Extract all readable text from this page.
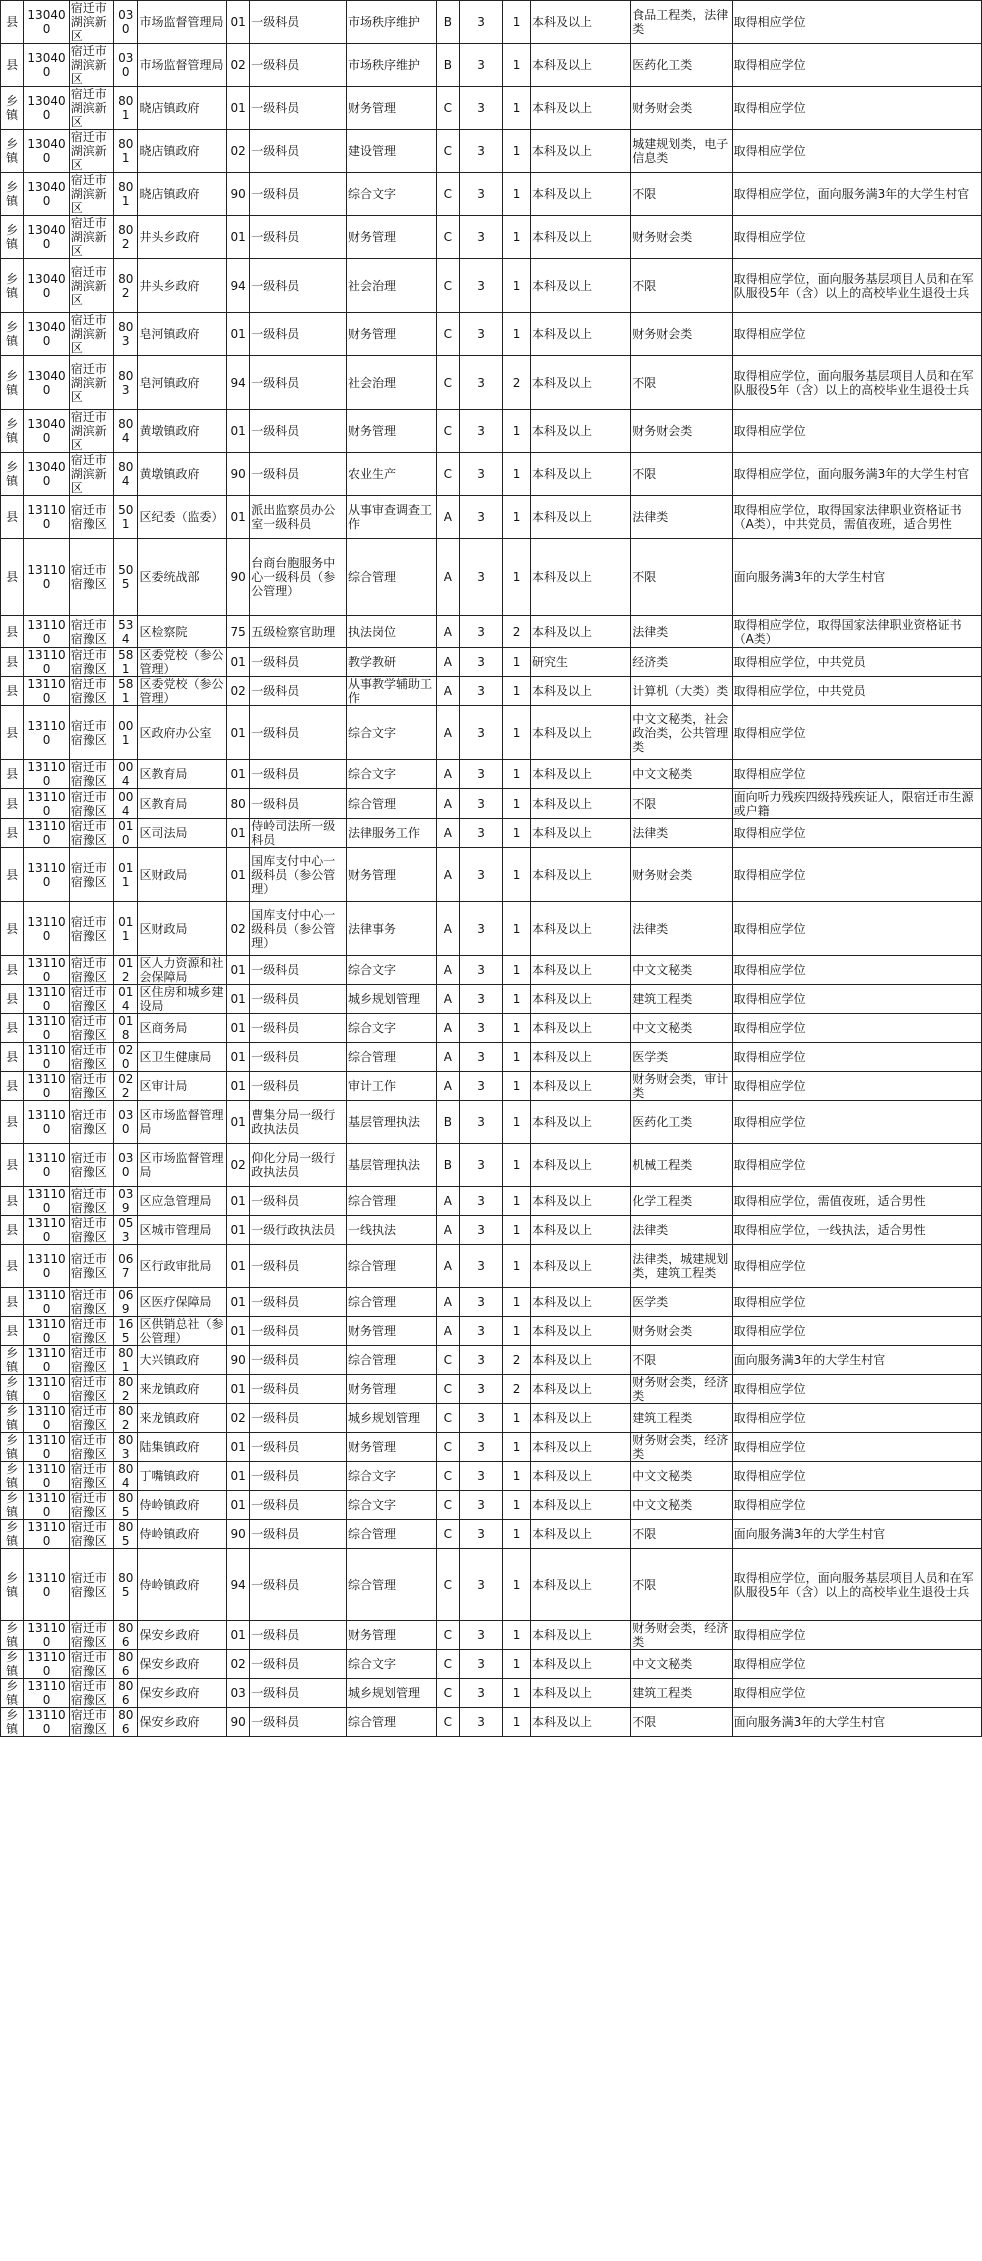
县	130400	宿迁市湖滨新区	030	市场监督管理局	01	一级科员	市场秩序维护	B	3	1	本科及以上	食品工程类，法律类	取得相应学位
县	130400	宿迁市湖滨新区	030	市场监督管理局	02	一级科员	市场秩序维护	B	3	1	本科及以上	医药化工类	取得相应学位
乡镇	130400	宿迁市湖滨新区	801	晓店镇政府	01	一级科员	财务管理	C	3	1	本科及以上	财务财会类	取得相应学位
乡镇	130400	宿迁市湖滨新区	801	晓店镇政府	02	一级科员	建设管理	C	3	1	本科及以上	城建规划类，电子信息类	取得相应学位
乡镇	130400	宿迁市湖滨新区	801	晓店镇政府	90	一级科员	综合文字	C	3	1	本科及以上	不限	取得相应学位，面向服务满3年的大学生村官
乡镇	130400	宿迁市湖滨新区	802	井头乡政府	01	一级科员	财务管理	C	3	1	本科及以上	财务财会类	取得相应学位
乡镇	130400	宿迁市湖滨新区	802	井头乡政府	94	一级科员	社会治理	C	3	1	本科及以上	不限	取得相应学位，面向服务基层项目人员和在军队服役5年（含）以上的高校毕业生退役士兵
乡镇	130400	宿迁市湖滨新区	803	皂河镇政府	01	一级科员	财务管理	C	3	1	本科及以上	财务财会类	取得相应学位
乡镇	130400	宿迁市湖滨新区	803	皂河镇政府	94	一级科员	社会治理	C	3	2	本科及以上	不限	取得相应学位，面向服务基层项目人员和在军队服役5年（含）以上的高校毕业生退役士兵
乡镇	130400	宿迁市湖滨新区	804	黄墩镇政府	01	一级科员	财务管理	C	3	1	本科及以上	财务财会类	取得相应学位
乡镇	130400	宿迁市湖滨新区	804	黄墩镇政府	90	一级科员	农业生产	C	3	1	本科及以上	不限	取得相应学位，面向服务满3年的大学生村官
县	131100	宿迁市宿豫区	501	区纪委（监委）	01	派出监察员办公室一级科员	从事审查调查工作	A	3	1	本科及以上	法律类	取得相应学位，取得国家法律职业资格证书（A类），中共党员，需值夜班，适合男性
县	131100	宿迁市宿豫区	505	区委统战部	90	台商台胞服务中心一级科员（参公管理）	综合管理	A	3	1	本科及以上	不限	面向服务满3年的大学生村官
县	131100	宿迁市宿豫区	534	区检察院	75	五级检察官助理	执法岗位	A	3	2	本科及以上	法律类	取得相应学位，取得国家法律职业资格证书（A类）
县	131100	宿迁市宿豫区	581	区委党校（参公管理）	01	一级科员	教学教研	A	3	1	研究生	经济类	取得相应学位，中共党员
县	131100	宿迁市宿豫区	581	区委党校（参公管理）	02	一级科员	从事教学辅助工作	A	3	1	本科及以上	计算机（大类）类	取得相应学位，中共党员
县	131100	宿迁市宿豫区	001	区政府办公室	01	一级科员	综合文字	A	3	1	本科及以上	中文文秘类，社会政治类，公共管理类	取得相应学位
县	131100	宿迁市宿豫区	004	区教育局	01	一级科员	综合文字	A	3	1	本科及以上	中文文秘类	取得相应学位
县	131100	宿迁市宿豫区	004	区教育局	80	一级科员	综合管理	A	3	1	本科及以上	不限	面向听力残疾四级持残疾证人，限宿迁市生源或户籍
县	131100	宿迁市宿豫区	010	区司法局	01	侍岭司法所一级科员	法律服务工作	A	3	1	本科及以上	法律类	取得相应学位
县	131100	宿迁市宿豫区	011	区财政局	01	国库支付中心一级科员（参公管理）	财务管理	A	3	1	本科及以上	财务财会类	取得相应学位
县	131100	宿迁市宿豫区	011	区财政局	02	国库支付中心一级科员（参公管理）	法律事务	A	3	1	本科及以上	法律类	取得相应学位
县	131100	宿迁市宿豫区	012	区人力资源和社会保障局	01	一级科员	综合文字	A	3	1	本科及以上	中文文秘类	取得相应学位
县	131100	宿迁市宿豫区	014	区住房和城乡建设局	01	一级科员	城乡规划管理	A	3	1	本科及以上	建筑工程类	取得相应学位
县	131100	宿迁市宿豫区	018	区商务局	01	一级科员	综合文字	A	3	1	本科及以上	中文文秘类	取得相应学位
县	131100	宿迁市宿豫区	020	区卫生健康局	01	一级科员	综合管理	A	3	1	本科及以上	医学类	取得相应学位
县	131100	宿迁市宿豫区	022	区审计局	01	一级科员	审计工作	A	3	1	本科及以上	财务财会类，审计类	取得相应学位
县	131100	宿迁市宿豫区	030	区市场监督管理局	01	曹集分局一级行政执法员	基层管理执法	B	3	1	本科及以上	医药化工类	取得相应学位
县	131100	宿迁市宿豫区	030	区市场监督管理局	02	仰化分局一级行政执法员	基层管理执法	B	3	1	本科及以上	机械工程类	取得相应学位
县	131100	宿迁市宿豫区	039	区应急管理局	01	一级科员	综合管理	A	3	1	本科及以上	化学工程类	取得相应学位，需值夜班，适合男性
县	131100	宿迁市宿豫区	053	区城市管理局	01	一级行政执法员	一线执法	A	3	1	本科及以上	法律类	取得相应学位，一线执法，适合男性
县	131100	宿迁市宿豫区	067	区行政审批局	01	一级科员	综合管理	A	3	1	本科及以上	法律类，城建规划类，建筑工程类	取得相应学位
县	131100	宿迁市宿豫区	069	区医疗保障局	01	一级科员	综合管理	A	3	1	本科及以上	医学类	取得相应学位
县	131100	宿迁市宿豫区	165	区供销总社（参公管理）	01	一级科员	财务管理	A	3	1	本科及以上	财务财会类	取得相应学位
乡镇	131100	宿迁市宿豫区	801	大兴镇政府	90	一级科员	综合管理	C	3	2	本科及以上	不限	面向服务满3年的大学生村官
乡镇	131100	宿迁市宿豫区	802	来龙镇政府	01	一级科员	财务管理	C	3	2	本科及以上	财务财会类，经济类	取得相应学位
乡镇	131100	宿迁市宿豫区	802	来龙镇政府	02	一级科员	城乡规划管理	C	3	1	本科及以上	建筑工程类	取得相应学位
乡镇	131100	宿迁市宿豫区	803	陆集镇政府	01	一级科员	财务管理	C	3	1	本科及以上	财务财会类，经济类	取得相应学位
乡镇	131100	宿迁市宿豫区	804	丁嘴镇政府	01	一级科员	综合文字	C	3	1	本科及以上	中文文秘类	取得相应学位
乡镇	131100	宿迁市宿豫区	805	侍岭镇政府	01	一级科员	综合文字	C	3	1	本科及以上	中文文秘类	取得相应学位
乡镇	131100	宿迁市宿豫区	805	侍岭镇政府	90	一级科员	综合管理	C	3	1	本科及以上	不限	面向服务满3年的大学生村官
乡镇	131100	宿迁市宿豫区	805	侍岭镇政府	94	一级科员	综合管理	C	3	1	本科及以上	不限	取得相应学位，面向服务基层项目人员和在军队服役5年（含）以上的高校毕业生退役士兵
乡镇	131100	宿迁市宿豫区	806	保安乡政府	01	一级科员	财务管理	C	3	1	本科及以上	财务财会类，经济类	取得相应学位
乡镇	131100	宿迁市宿豫区	806	保安乡政府	02	一级科员	综合文字	C	3	1	本科及以上	中文文秘类	取得相应学位
乡镇	131100	宿迁市宿豫区	806	保安乡政府	03	一级科员	城乡规划管理	C	3	1	本科及以上	建筑工程类	取得相应学位
乡镇	131100	宿迁市宿豫区	806	保安乡政府	90	一级科员	综合管理	C	3	1	本科及以上	不限	面向服务满3年的大学生村官
